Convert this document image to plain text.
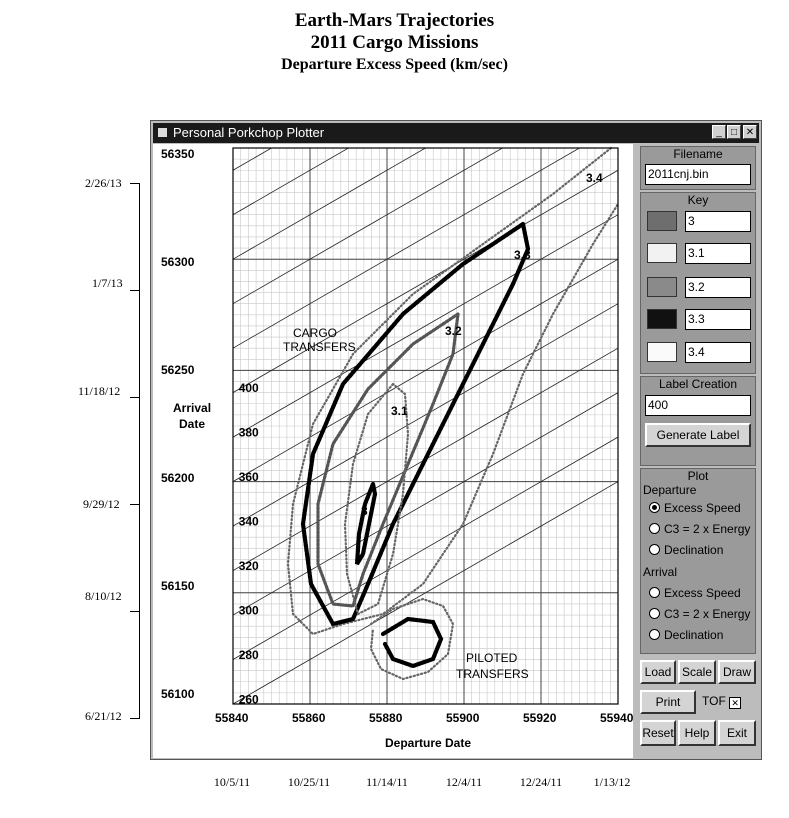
Earth-Mars Trajectories
2011 Cargo Missions
Departure Excess Speed (km/sec)
2/26/13
1/7/13
11/18/12
9/29/12
8/10/12
6/21/12
10/5/11	10/25/11	11/14/11	12/4/11	12/24/11	1/13/12
Personal Porkchop Plotter	_ □ ✕
56350
56300
56250
56200
56150
56100
55840	55860	55880	55900	55920	55940
Departure Date
Arrival
Date
400
380
360
340
320
300
280
260
3.4
3.3
3.2
3.1
3
CARGO
TRANSFERS
PILOTED
TRANSFERS
Filename
2011cnj.bin
Key
3
3.1
3.2
3.3
3.4
Label Creation
400
Generate Label
Plot
Departure
Excess Speed
C3 = 2 x Energy
Declination
Arrival
Excess Speed
C3 = 2 x Energy
Declination
Load Scale Draw
Print	TOF ✕
Reset Help	Exit
